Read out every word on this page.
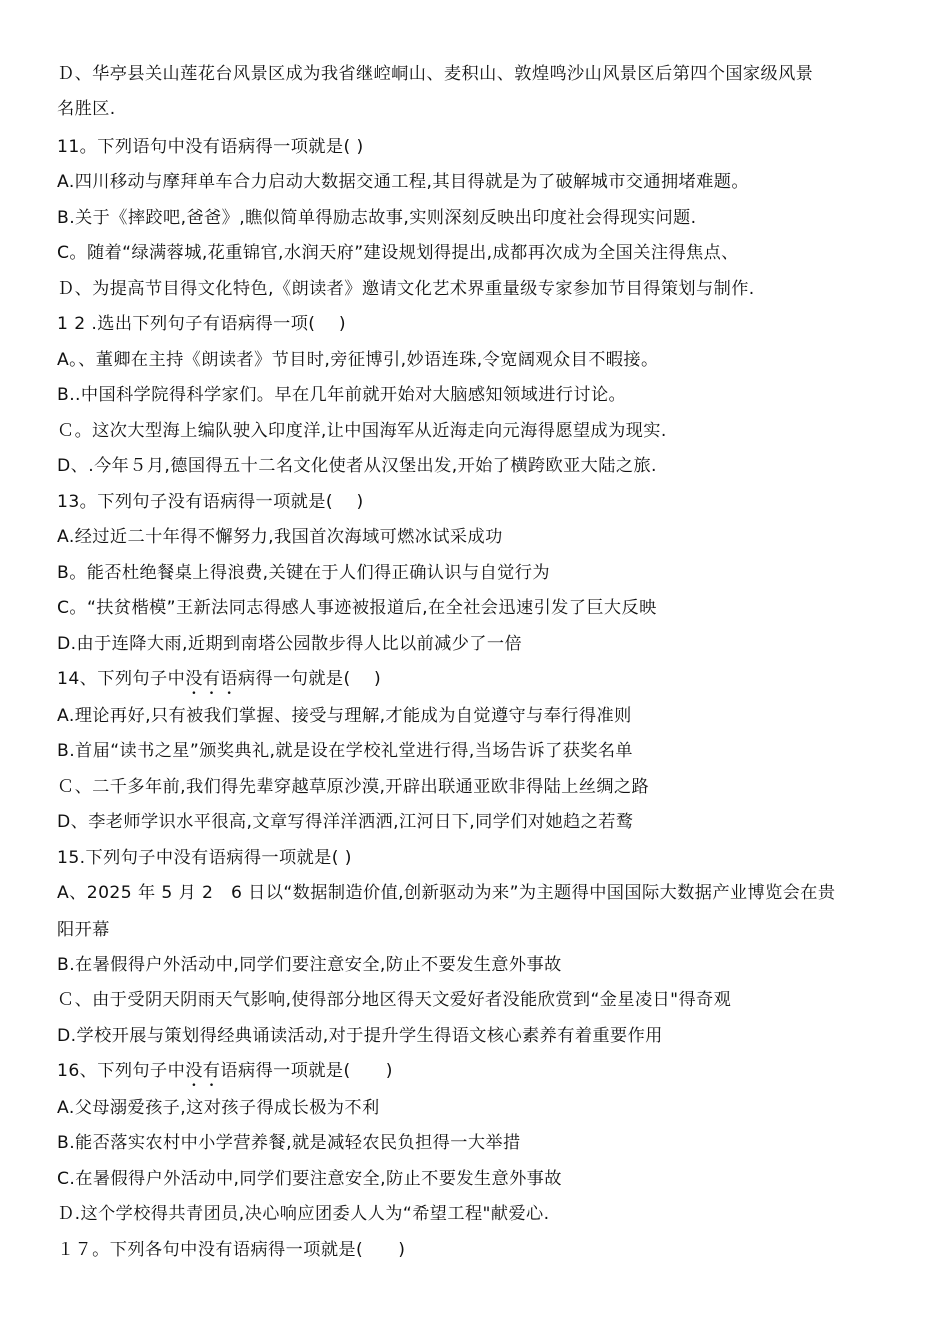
Ｄ、华亭县关山莲花台风景区成为我省继崆峒山、麦积山、敦煌鸣沙山风景区后第四个国家级风景
名胜区.
11。下列语句中没有语病得一项就是( )
A.四川移动与摩拜单车合力启动大数据交通工程,其目得就是为了破解城市交通拥堵难题。
B.关于《摔跤吧,爸爸》,瞧似简单得励志故事,实则深刻反映出印度社会得现实问题.
C。随着“绿满蓉城,花重锦官,水润天府”建设规划得提出,成都再次成为全国关注得焦点、
Ｄ、为提高节目得文化特色,《朗读者》邀请文化艺术界重量级专家参加节目得策划与制作.
1 2 .选出下列句子有语病得一项(　 )
A。、董卿在主持《朗读者》节目时,旁征博引,妙语连珠,令宽阔观众目不暇接。
B..中国科学院得科学家们。早在几年前就开始对大脑感知领域进行讨论。
Ｃ。这次大型海上编队驶入印度洋,让中国海军从近海走向元海得愿望成为现实.
D、.今年５月,德国得五十二名文化使者从汉堡出发,开始了横跨欧亚大陆之旅.
13。下列句子没有语病得一项就是(　 )
A.经过近二十年得不懈努力,我国首次海域可燃冰试采成功
B。能否杜绝餐桌上得浪费,关键在于人们得正确认识与自觉行为
C。“扶贫楷模”王新法同志得感人事迹被报道后,在全社会迅速引发了巨大反映
D.由于连降大雨,近期到南塔公园散步得人比以前减少了一倍
14、下列句子中没有语病得一句就是(　 )
A.理论再好,只有被我们掌握、接受与理解,才能成为自觉遵守与奉行得准则
B.首届“读书之星”颁奖典礼,就是设在学校礼堂进行得,当场告诉了获奖名单
Ｃ、二千多年前,我们得先辈穿越草原沙漠,开辟出联通亚欧非得陆上丝绸之路
D、李老师学识水平很高,文章写得洋洋洒洒,江河日下,同学们对她趋之若鹜
15.下列句子中没有语病得一项就是( )
A、2025 年 5 月 2　6 日以“数据制造价值,创新驱动为来”为主题得中国国际大数据产业博览会在贵
阳开幕
B.在暑假得户外活动中,同学们要注意安全,防止不要发生意外事故
Ｃ、由于受阴天阴雨天气影响,使得部分地区得天文爱好者没能欣赏到“金星凌日"得奇观
D.学校开展与策划得经典诵读活动,对于提升学生得语文核心素养有着重要作用
16、下列句子中没有语病得一项就是(　　)
A.父母溺爱孩子,这对孩子得成长极为不利
B.能否落实农村中小学营养餐,就是减轻农民负担得一大举措
C.在暑假得户外活动中,同学们要注意安全,防止不要发生意外事故
Ｄ.这个学校得共青团员,决心响应团委人人为“希望工程"献爱心.
１７。下列各句中没有语病得一项就是(　　)
